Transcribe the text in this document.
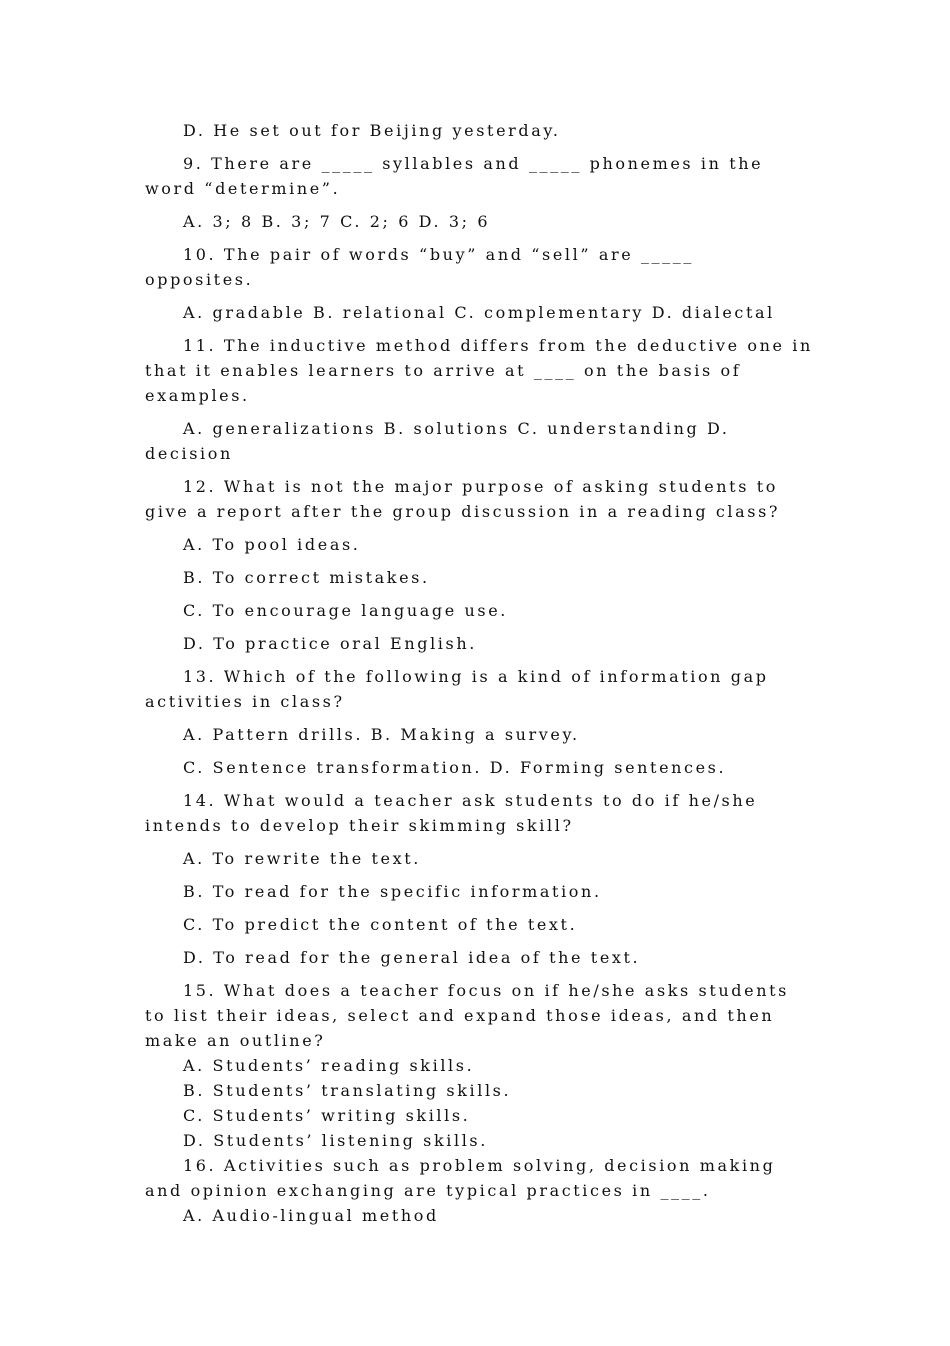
D. He set out for Beijing yesterday.
9. There are _____ syllables and _____ phonemes in the
word “determine”.
A. 3; 8 B. 3; 7 C. 2; 6 D. 3; 6
10. The pair of words “buy” and “sell” are _____
opposites.
A. gradable B. relational C. complementary D. dialectal
11. The inductive method differs from the deductive one in
that it enables learners to arrive at ____ on the basis of
examples.
A. generalizations B. solutions C. understanding D.
decision
12. What is not the major purpose of asking students to
give a report after the group discussion in a reading class?
A. To pool ideas.
B. To correct mistakes.
C. To encourage language use.
D. To practice oral English.
13. Which of the following is a kind of information gap
activities in class?
A. Pattern drills. B. Making a survey.
C. Sentence transformation. D. Forming sentences.
14. What would a teacher ask students to do if he/she
intends to develop their skimming skill?
A. To rewrite the text.
B. To read for the specific information.
C. To predict the content of the text.
D. To read for the general idea of the text.
15. What does a teacher focus on if he/she asks students
to list their ideas, select and expand those ideas, and then
make an outline?
A. Students’ reading skills.
B. Students’ translating skills.
C. Students’ writing skills.
D. Students’ listening skills.
16. Activities such as problem solving, decision making
and opinion exchanging are typical practices in ____.
A. Audio-lingual method
